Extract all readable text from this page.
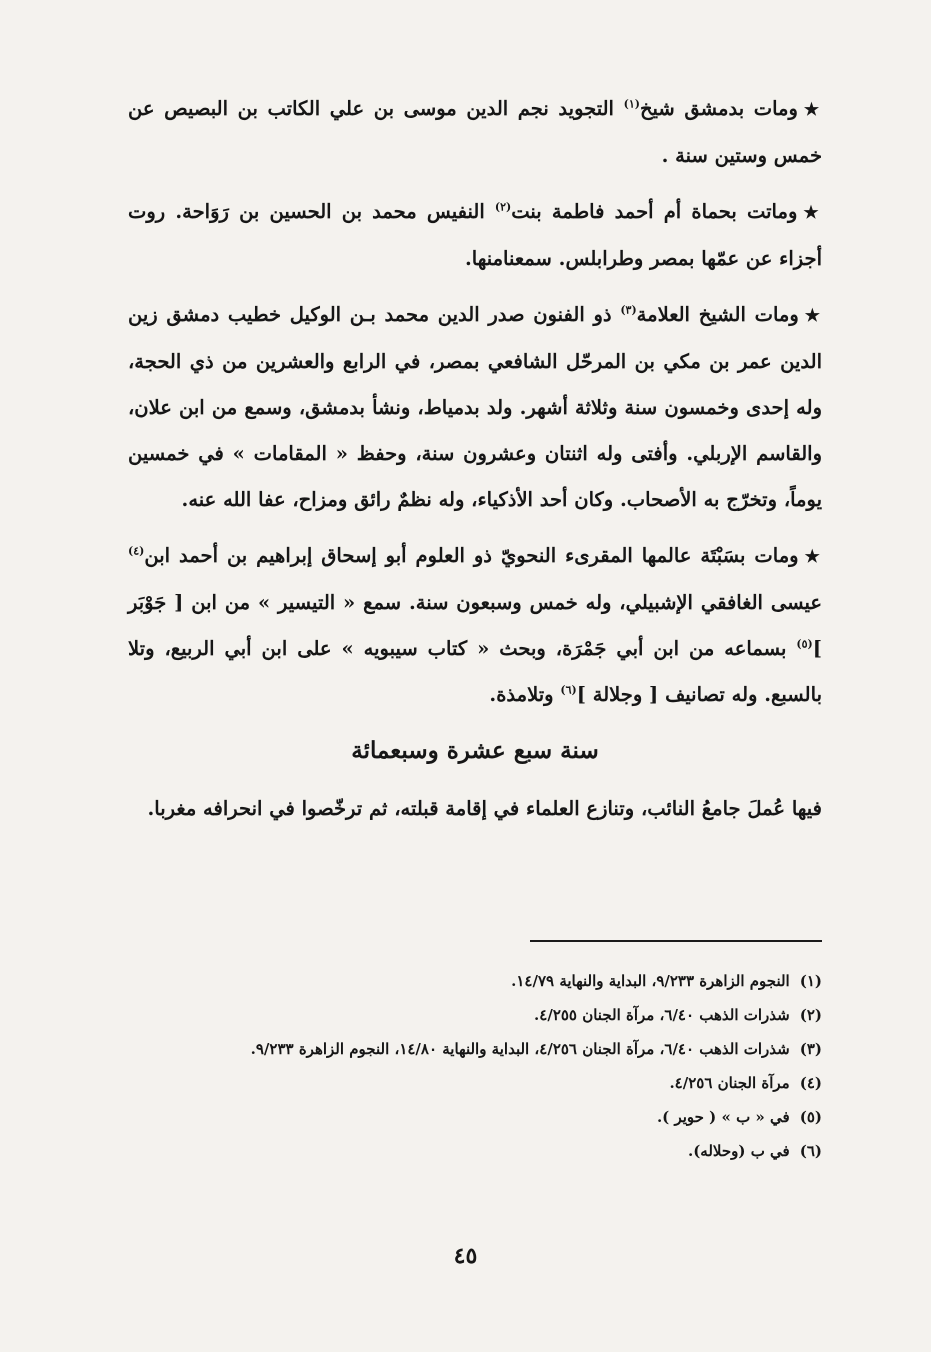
★ومات بدمشق شيخ$^{(١)}$ التجويد نجم الدين موسى بن علي الكاتب بن البصيص عن خمس وستين سنة .

★وماتت بحماة أم أحمد فاطمة بنت$^{(٢)}$ النفيس محمد بن الحسين بن رَوَاحة. روت أجزاء عن عمّها بمصر وطرابلس. سمعنامنها.

★ومات الشيخ العلامة$^{(٣)}$ ذو الفنون صدر الدين محمد بـن الوكيل خطيب دمشق زين الدين عمر بن مكي بن المرحّل الشافعي بمصر، في الرابع والعشرين من ذي الحجة، وله إحدى وخمسون سنة وثلاثة أشهر. ولد بدمياط، ونشأ بدمشق، وسمع من ابن علان، والقاسم الإربلي. وأفتى وله اثنتان وعشرون سنة، وحفظ « المقامات » في خمسين يوماً، وتخرّج به الأصحاب. وكان أحد الأذكياء، وله نظمٌ رائق ومزاح، عفا الله عنه.

★ومات بسَبْتَة عالمها المقرىء النحويّ ذو العلوم أبو إسحاق إبراهيم بن أحمد ابن$^{(٤)}$ عيسى الغافقي الإشبيلي، وله خمس وسبعون سنة. سمع « التيسير » من ابن [ جَوْبَر ]$^{(٥)}$ بسماعه من ابن أبي جَمْرَة، وبحث « كتاب سيبويه » على ابن أبي الربيع، وتلا بالسبع. وله تصانيف [ وجلالة ]$^{(٦)}$ وتلامذة.

سنة سبع عشرة وسبعمائة

فيها عُملَ جامعُ النائب، وتنازع العلماء في إقامة قبلته، ثم ترخّصوا في انحرافه مغربا.

(١)النجوم الزاهرة ٩/٢٣٣، البداية والنهاية ١٤/٧٩.

(٢)شذرات الذهب ٦/٤٠، مرآة الجنان ٤/٢٥٥.

(٣)شذرات الذهب ٦/٤٠، مرآة الجنان ٤/٢٥٦، البداية والنهاية ١٤/٨٠، النجوم الزاهرة ٩/٢٣٣.

(٤)مرآة الجنان ٤/٢٥٦.

(٥)في « ب » ( حوير ).

(٦)في ب (وحلاله).

٤٥
